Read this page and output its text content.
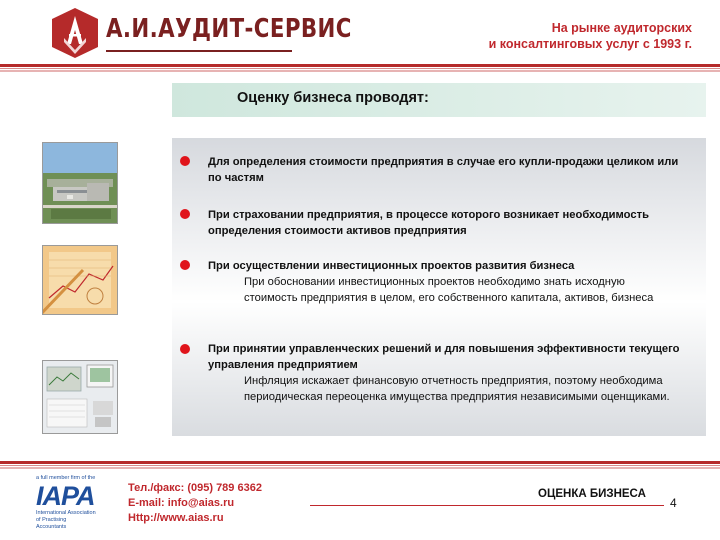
А.И.АУДИТ-СЕРВИС	На рынке аудиторских
и консалтинговых услуг с 1993 г.
Оценку бизнеса проводят:
Для определения стоимости предприятия в случае его купли-продажи целиком или по частям
При страховании предприятия, в процессе которого возникает необходимость определения стоимости активов предприятия
При осуществлении инвестиционных проектов развития бизнеса
При обосновании инвестиционных проектов необходимо знать исходную стоимость предприятия в целом, его собственного капитала, активов, бизнеса
При принятии управленческих решений и для повышения эффективности текущего управления предприятием
Инфляция искажает финансовую отчетность предприятия, поэтому необходима периодическая переоценка имущества предприятия независимыми оценщиками.
a full member firm of the
IAPA
International Association of Practising Accountants
Тел./факс: (095) 789 6362
E-mail: info@aias.ru
Http://www.aias.ru
ОЦЕНКА БИЗНЕСА
4
